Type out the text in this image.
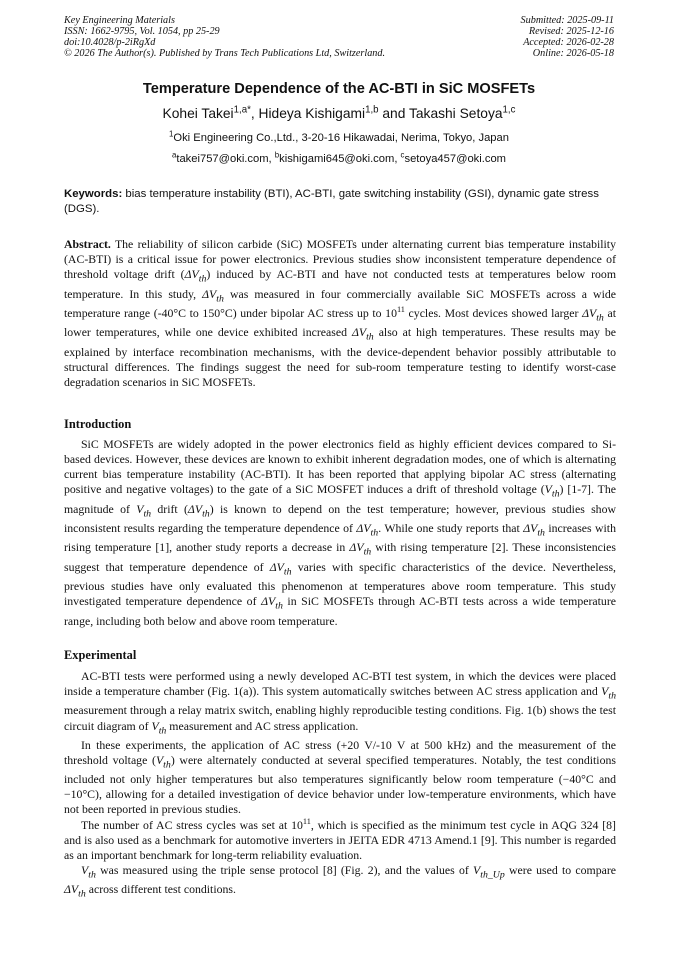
Key Engineering Materials
ISSN: 1662-9795, Vol. 1054, pp 25-29
doi:10.4028/p-2iRgXd
© 2026 The Author(s). Published by Trans Tech Publications Ltd, Switzerland.
Submitted: 2025-09-11
Revised: 2025-12-16
Accepted: 2026-02-28
Online: 2026-05-18
Temperature Dependence of the AC-BTI in SiC MOSFETs
Kohei Takei$^{1,a*}$, Hideya Kishigami$^{1,b}$ and Takashi Setoya$^{1,c}$
$^1$Oki Engineering Co.,Ltd., 3-20-16 Hikawadai, Nerima, Tokyo, Japan
$^a$takei757@oki.com, $^b$kishigami645@oki.com, $^c$setoya457@oki.com
Keywords: bias temperature instability (BTI), AC-BTI, gate switching instability (GSI), dynamic gate stress (DGS).

Abstract. The reliability of silicon carbide (SiC) MOSFETs under alternating current bias temperature instability (AC-BTI) is a critical issue for power electronics. Previous studies show inconsistent temperature dependence of threshold voltage drift $(\Delta V_{th})$ induced by AC-BTI and have not conducted tests at temperatures below room temperature. In this study, $\Delta V_{th}$ was measured in four commercially available SiC MOSFETs across a wide temperature range (-40°C to 150°C) under bipolar AC stress up to $10^{11}$ cycles. Most devices showed larger $\Delta V_{th}$ at lower temperatures, while one device exhibited increased $\Delta V_{th}$ also at high temperatures. These results may be explained by interface recombination mechanisms, with the device-dependent behavior possibly attributable to structural differences. The findings suggest the need for sub-room temperature testing to identify worst-case degradation scenarios in SiC MOSFETs.

Introduction

SiC MOSFETs are widely adopted in the power electronics field as highly efficient devices compared to Si-based devices. However, these devices are known to exhibit inherent degradation modes, one of which is alternating current bias temperature instability (AC-BTI). It has been reported that applying bipolar AC stress (alternating positive and negative voltages) to the gate of a SiC MOSFET induces a drift of threshold voltage $(V_{th})$ [1-7]. The magnitude of $V_{th}$ drift $(\Delta V_{th})$ is known to depend on the test temperature; however, previous studies show inconsistent results regarding the temperature dependence of $\Delta V_{th}$. While one study reports that $\Delta V_{th}$ increases with rising temperature [1], another study reports a decrease in $\Delta V_{th}$ with rising temperature [2]. These inconsistencies suggest that temperature dependence of $\Delta V_{th}$ varies with specific characteristics of the device. Nevertheless, previous studies have only evaluated this phenomenon at temperatures above room temperature. This study investigated temperature dependence of $\Delta V_{th}$ in SiC MOSFETs through AC-BTI tests across a wide temperature range, including both below and above room temperature.

Experimental

AC-BTI tests were performed using a newly developed AC-BTI test system, in which the devices were placed inside a temperature chamber (Fig. 1(a)). This system automatically switches between AC stress application and $V_{th}$ measurement through a relay matrix switch, enabling highly reproducible testing conditions. Fig. 1(b) shows the test circuit diagram of $V_{th}$ measurement and AC stress application.

In these experiments, the application of AC stress (+20 V/-10 V at 500 kHz) and the measurement of the threshold voltage $(V_{th})$ were alternately conducted at several specified temperatures. Notably, the test conditions included not only higher temperatures but also temperatures significantly below room temperature (−40°C and −10°C), allowing for a detailed investigation of device behavior under low-temperature environments, which have not been reported in previous studies.

The number of AC stress cycles was set at $10^{11}$, which is specified as the minimum test cycle in AQG 324 [8] and is also used as a benchmark for automotive inverters in JEITA EDR 4713 Amend.1 [9]. This number is regarded as an important benchmark for long-term reliability evaluation.

$V_{th}$ was measured using the triple sense protocol [8] (Fig. 2), and the values of $V_{th\_Up}$ were used to compare $\Delta V_{th}$ across different test conditions.
